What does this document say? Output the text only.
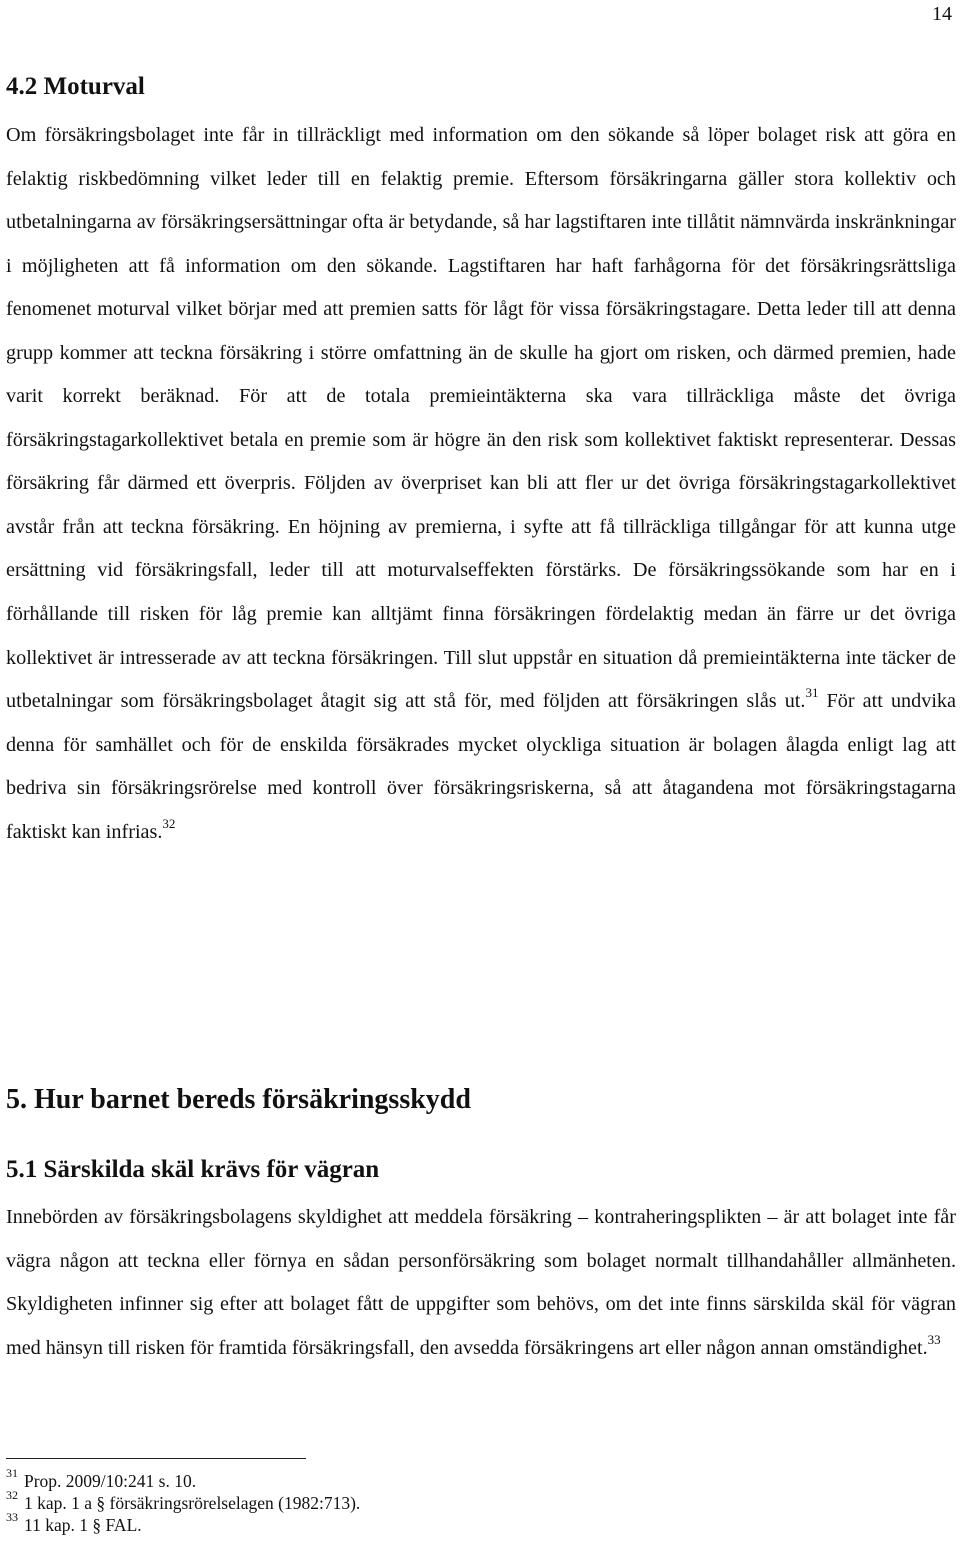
14
4.2 Moturval

Om försäkringsbolaget inte får in tillräckligt med information om den sökande så löper bolaget risk att göra en felaktig riskbedömning vilket leder till en felaktig premie. Eftersom försäkringarna gäller stora kollektiv och utbetalningarna av försäkringsersättningar ofta är betydande, så har lagstiftaren inte tillåtit nämnvärda inskränkningar i möjligheten att få information om den sökande. Lagstiftaren har haft farhågorna för det försäkringsrättsliga fenomenet moturval vilket börjar med att premien satts för lågt för vissa försäkringstagare. Detta leder till att denna grupp kommer att teckna försäkring i större omfattning än de skulle ha gjort om risken, och därmed premien, hade varit korrekt beräknad. För att de totala premieintäkterna ska vara tillräckliga måste det övriga försäkringstagarkollektivet betala en premie som är högre än den risk som kollektivet faktiskt representerar. Dessas försäkring får därmed ett överpris. Följden av överpriset kan bli att fler ur det övriga försäkringstagarkollektivet avstår från att teckna försäkring. En höjning av premierna, i syfte att få tillräckliga tillgångar för att kunna utge ersättning vid försäkringsfall, leder till att moturvalseffekten förstärks. De försäkringssökande som har en i förhållande till risken för låg premie kan alltjämt finna försäkringen fördelaktig medan än färre ur det övriga kollektivet är intresserade av att teckna försäkringen. Till slut uppstår en situation då premieintäkterna inte täcker de utbetalningar som försäkringsbolaget åtagit sig att stå för, med följden att försäkringen slås ut.$^{31}$ För att undvika denna för samhället och för de enskilda försäkrades mycket olyckliga situation är bolagen ålagda enligt lag att bedriva sin försäkringsrörelse med kontroll över försäkringsriskerna, så att åtagandena mot försäkringstagarna faktiskt kan infrias.$^{32}$

5. Hur barnet bereds försäkringsskydd
5.1 Särskilda skäl krävs för vägran

Innebörden av försäkringsbolagens skyldighet att meddela försäkring – kontraheringsplikten – är att bolaget inte får vägra någon att teckna eller förnya en sådan personförsäkring som bolaget normalt tillhandahåller allmänheten. Skyldigheten infinner sig efter att bolaget fått de uppgifter som behövs, om det inte finns särskilda skäl för vägran med hänsyn till risken för framtida försäkringsfall, den avsedda försäkringens art eller någon annan omständighet.$^{33}$

$^{31}$ Prop. 2009/10:241 s. 10.
$^{32}$ 1 kap. 1 a § försäkringsrörelselagen (1982:713).
$^{33}$ 11 kap. 1 § FAL.
